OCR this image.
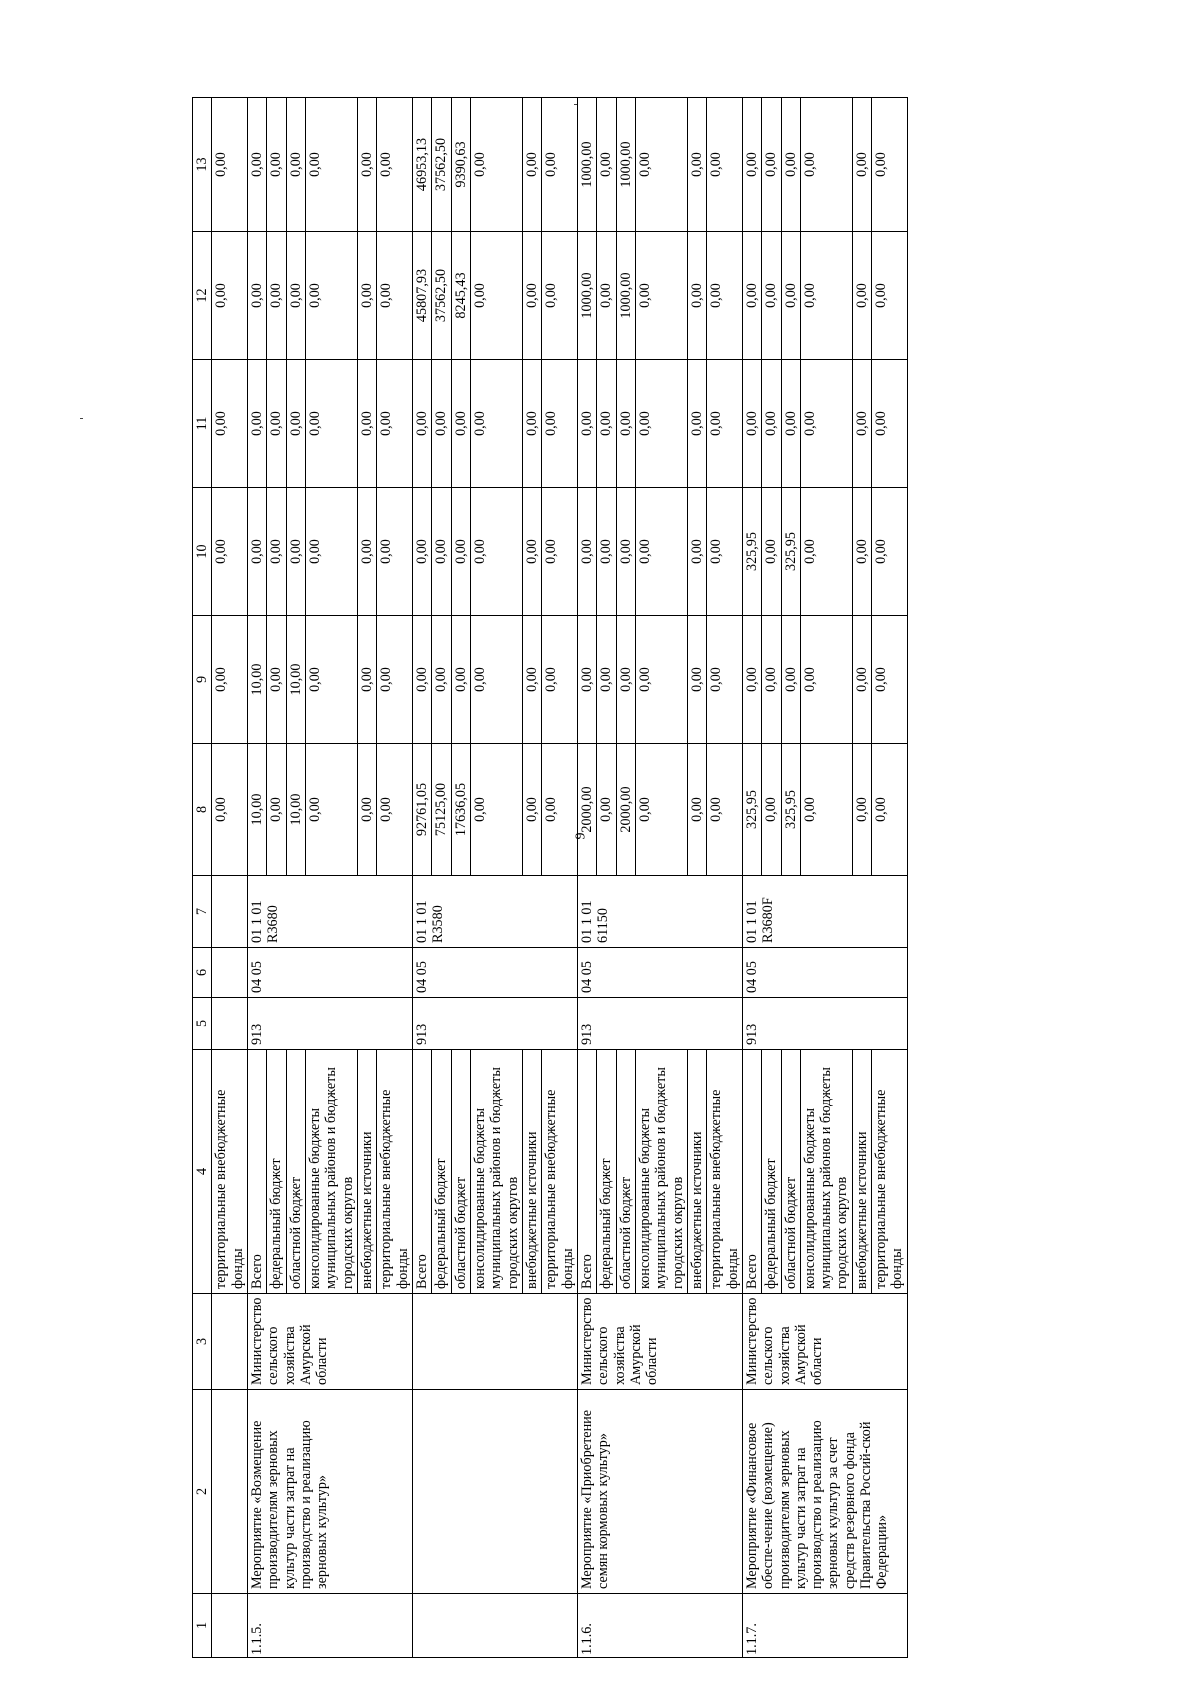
9
1	2	3	4	5	6	7	8	9	10	11	12	13
			территориальные внебюджетные фонды				0,00	0,00	0,00	0,00	0,00	0,00
1.1.5.	Мероприятие «Возмещение производителям зерновых культур части затрат на производство и реализацию зерновых культур»	Министерство сельского хозяйства Амурской области	Всего	913	04 05	01 1 01 R3680	10,00	10,00	0,00	0,00	0,00	0,00
			федеральный бюджет				0,00	0,00	0,00	0,00	0,00	0,00
			областной бюджет				10,00	10,00	0,00	0,00	0,00	0,00
			консолидированные бюджеты муниципальных районов и бюджеты городских округов				0,00	0,00	0,00	0,00	0,00	0,00
			внебюджетные источники				0,00	0,00	0,00	0,00	0,00	0,00
			территориальные внебюджетные фонды				0,00	0,00	0,00	0,00	0,00	0,00
			Всего	913	04 05	01 1 01 R3580	92761,05	0,00	0,00	0,00	45807,93	46953,13
			федеральный бюджет				75125,00	0,00	0,00	0,00	37562,50	37562,50
			областной бюджет				17636,05	0,00	0,00	0,00	8245,43	9390,63
			консолидированные бюджеты муниципальных районов и бюджеты городских округов				0,00	0,00	0,00	0,00	0,00	0,00
			внебюджетные источники				0,00	0,00	0,00	0,00	0,00	0,00
			территориальные внебюджетные фонды				0,00	0,00	0,00	0,00	0,00	0,00
1.1.6.	Мероприятие «Приобретение семян кормовых культур»	Министерство сельского хозяйства Амурской области	Всего	913	04 05	01 1 01 61150	2000,00	0,00	0,00	0,00	1000,00	1000,00
			федеральный бюджет				0,00	0,00	0,00	0,00	0,00	0,00
			областной бюджет				2000,00	0,00	0,00	0,00	1000,00	1000,00
			консолидированные бюджеты муниципальных районов и бюджеты городских округов				0,00	0,00	0,00	0,00	0,00	0,00
			внебюджетные источники				0,00	0,00	0,00	0,00	0,00	0,00
			территориальные внебюджетные фонды				0,00	0,00	0,00	0,00	0,00	0,00
1.1.7.	Мероприятие «Финансовое обеспе-чение (возмещение) производителям зерновых культур части затрат на производство и реализацию зерновых культур за счет средств резервного фонда Правительства Россий-ской Федерации»	Министерство сельского хозяйства Амурской области	Всего	913	04 05	01 1 01 R3680F	325,95	0,00	325,95	0,00	0,00	0,00
			федеральный бюджет				0,00	0,00	0,00	0,00	0,00	0,00
			областной бюджет				325,95	0,00	325,95	0,00	0,00	0,00
			консолидированные бюджеты муниципальных районов и бюджеты городских округов				0,00	0,00	0,00	0,00	0,00	0,00
			внебюджетные источники				0,00	0,00	0,00	0,00	0,00	0,00
			территориальные внебюджетные фонды				0,00	0,00	0,00	0,00	0,00	0,00
